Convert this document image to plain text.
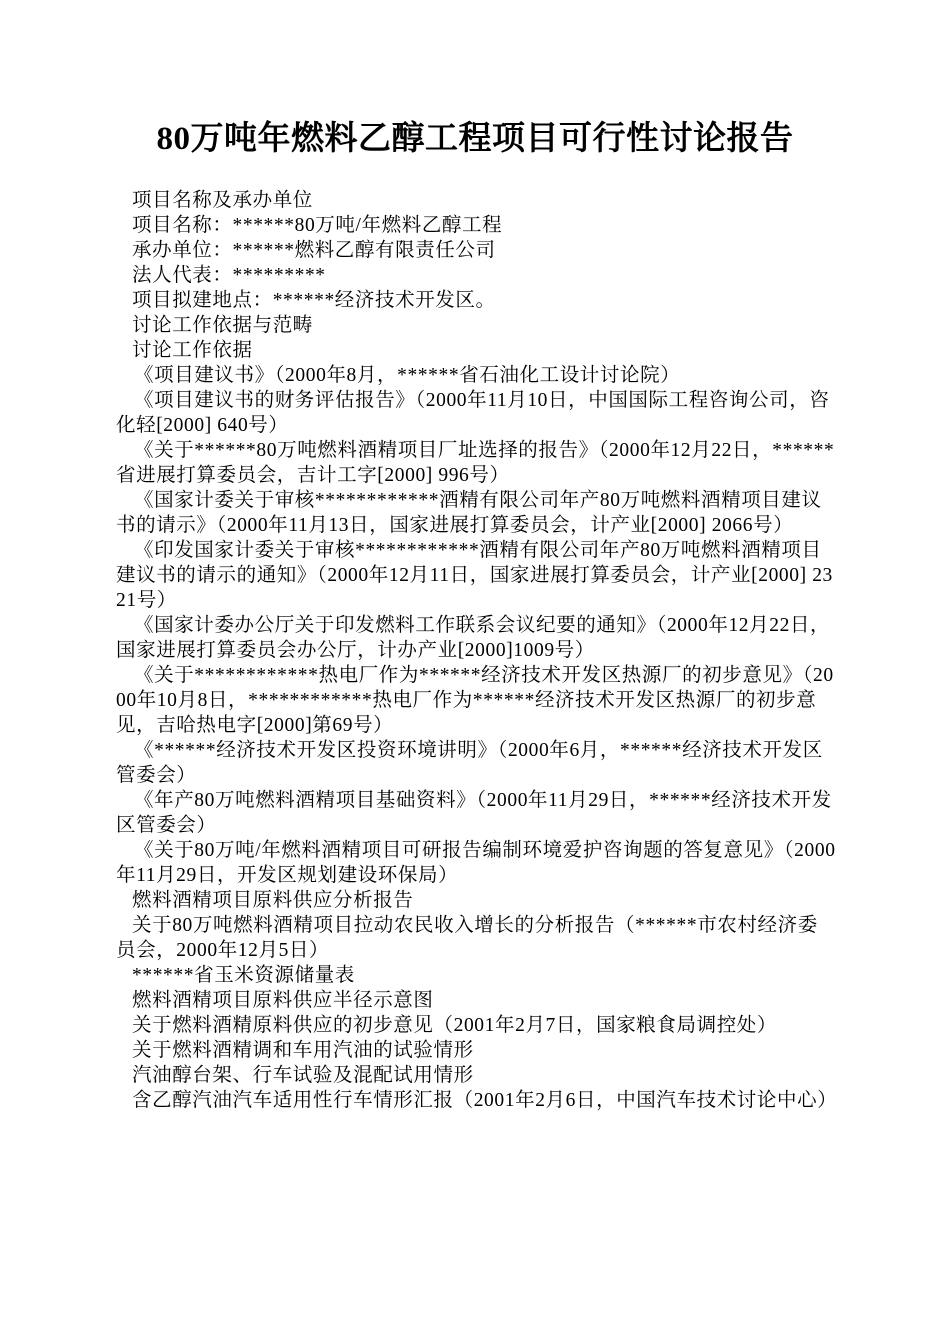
80万吨年燃料乙醇工程项目可行性讨论报告

项目名称及承办单位

项目名称：******80万吨/年燃料乙醇工程

承办单位：******燃料乙醇有限责任公司

法人代表：*********

项目拟建地点：******经济技术开发区。

讨论工作依据与范畴

讨论工作依据

《项目建议书》（2000年8月，******省石油化工设计讨论院）

《项目建议书的财务评估报告》（2000年11月10日，中国国际工程咨询公司，咨化轻[2000] 640号）

《关于******80万吨燃料酒精项目厂址选择的报告》（2000年12月22日，******省进展打算委员会，吉计工字[2000] 996号）

《国家计委关于审核************酒精有限公司年产80万吨燃料酒精项目建议书的请示》（2000年11月13日，国家进展打算委员会，计产业[2000] 2066号）

《印发国家计委关于审核************酒精有限公司年产80万吨燃料酒精项目建议书的请示的通知》（2000年12月11日，国家进展打算委员会，计产业[2000] 2321号）

《国家计委办公厅关于印发燃料工作联系会议纪要的通知》（2000年12月22日，国家进展打算委员会办公厅，计办产业[2000]1009号）

《关于************热电厂作为******经济技术开发区热源厂的初步意见》（2000年10月8日，************热电厂作为******经济技术开发区热源厂的初步意见，吉哈热电字[2000]第69号）

《******经济技术开发区投资环境讲明》（2000年6月，******经济技术开发区管委会）

《年产80万吨燃料酒精项目基础资料》（2000年11月29日，******经济技术开发区管委会）

《关于80万吨/年燃料酒精项目可研报告编制环境爱护咨询题的答复意见》（2000年11月29日，开发区规划建设环保局）

燃料酒精项目原料供应分析报告

关于80万吨燃料酒精项目拉动农民收入增长的分析报告（******市农村经济委员会，2000年12月5日）

******省玉米资源储量表

燃料酒精项目原料供应半径示意图

关于燃料酒精原料供应的初步意见（2001年2月7日，国家粮食局调控处）

关于燃料酒精调和车用汽油的试验情形

汽油醇台架、行车试验及混配试用情形

含乙醇汽油汽车适用性行车情形汇报（2001年2月6日，中国汽车技术讨论中心）
